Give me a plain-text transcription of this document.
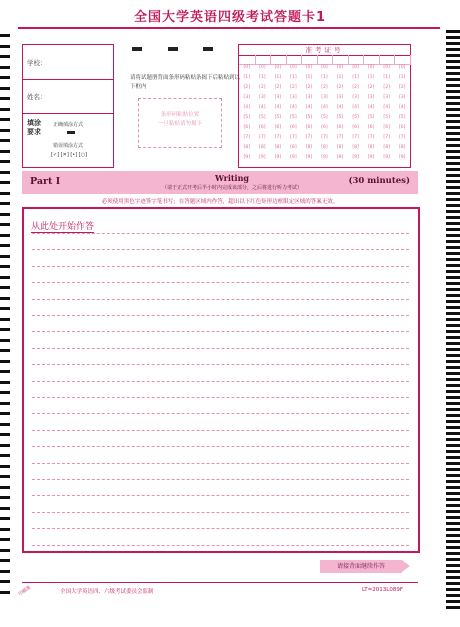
全国大学英语四级考试答题卡1
学校：
姓名：
填涂要求
正确填涂方式
错误填涂方式
[✓] [✕] [•] [○]
请将试题册背面条形码粘贴条揭下后粘贴到以下框内
条形码粘贴位置
一旦粘贴请勿揭下
准考证号
[0]	[0]	[0]	[0]	[0]	[0]	[0]	[0]	[0]	[0]	[0]
[1]	[1]	[1]	[1]	[1]	[1]	[1]	[1]	[1]	[1]	[1]
[2]	[2]	[2]	[2]	[2]	[2]	[2]	[2]	[2]	[2]	[2]
[3]	[3]	[3]	[3]	[3]	[3]	[3]	[3]	[3]	[3]	[3]
[4]	[4]	[4]	[4]	[4]	[4]	[4]	[4]	[4]	[4]	[4]
[5]	[5]	[5]	[5]	[5]	[5]	[5]	[5]	[5]	[5]	[5]
[6]	[6]	[6]	[6]	[6]	[6]	[6]	[6]	[6]	[6]	[6]
[7]	[7]	[7]	[7]	[7]	[7]	[7]	[7]	[7]	[7]	[7]
[8]	[8]	[8]	[8]	[8]	[8]	[8]	[8]	[8]	[8]	[8]
[9]	[9]	[9]	[9]	[9]	[9]	[9]	[9]	[9]	[9]	[9]
Part I	Writing
（请于正式开考后半小时内完成该部分，之后将进行听力考试）
(30 minutes)
必须使用黑色字迹签字笔书写；在答题区域内作答，超出以下红色矩形边框限定区域的答案无效。
从此处开始作答
请接背面继续作答
全国大学英语四、六级考试委员会监制	LT=2013L089F
印刷准
